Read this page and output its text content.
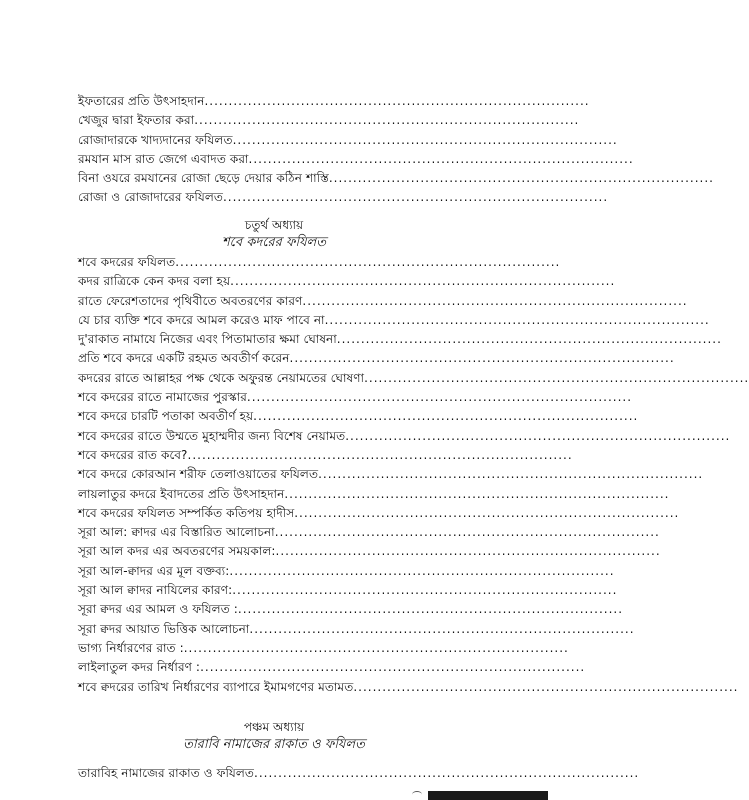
ইফতারের প্রতি উৎসাহদান................................................................................
খেজুর দ্বারা ইফতার করা................................................................................
রোজাদারকে খাদ্যদানের ফযিলত................................................................................
রমযান মাস রাত জেগে এবাদত করা................................................................................
বিনা ওযরে রমযানের রোজা ছেড়ে দেয়ার কঠিন শাস্তি................................................................................
রোজা ও রোজাদারের ফযিলত................................................................................
চতুর্থ অধ্যায়
শবে কদরের ফযিলত
শবে কদরের ফযিলত................................................................................
কদর রাত্রিকে কেন কদর বলা হয়................................................................................
রাতে ফেরেশতাদের পৃথিবীতে অবতরণের কারণ................................................................................
যে চার ব্যক্তি শবে কদরে আমল করেও মাফ পাবে না................................................................................
দু'রাকাত নামাযে নিজের এবং পিতামাতার ক্ষমা ঘোষনা................................................................................
প্রতি শবে কদরে একটি রহমত অবতীর্ণ করেন................................................................................
কদরের রাতে আল্লাহর পক্ষ থেকে অফুরন্ত নেয়ামতের ঘোষণা................................................................................
শবে কদরের রাতে নামাজের পুরস্কার................................................................................
শবে কদরে চারটি পতাকা অবতীর্ণ হয়................................................................................
শবে কদরের রাতে উম্মতে মুহাম্মদীর জন্য বিশেষ নেয়ামত................................................................................
শবে কদরের রাত কবে?................................................................................
শবে কদরে কোরআন শরীফ তেলাওয়াতের ফযিলত................................................................................
লায়লাতুর কদরে ইবাদতের প্রতি উৎসাহদান................................................................................
শবে কদরের ফযিলত সম্পর্কিত কতিপয় হাদীস................................................................................
সূরা আল: ক্বাদর এর বিস্তারিত আলোচনা................................................................................
সূরা আল কদর এর অবতরণের সময়কাল:................................................................................
সূরা আল-ক্বাদর এর মূল বক্তব্য:................................................................................
সূরা আল ক্বাদর নাযিলের কারণ:................................................................................
সূরা ক্বদর এর আমল ও ফযিলত :................................................................................
সূরা ক্বদর আয়াত ভিত্তিক আলোচনা................................................................................
ভাগ্য নির্ধারণের রাত :................................................................................
লাইলাতুল কদর নির্ধারণ :................................................................................
শবে ক্বদরের তারিখ নির্ধারণের ব্যাপারে ইমামগণের মতামত................................................................................
পঞ্চম অধ্যায়
তারাবি নামাজের রাকাত ও ফযিলত
তারাবিহ নামাজের রাকাত ও ফযিলত................................................................................
